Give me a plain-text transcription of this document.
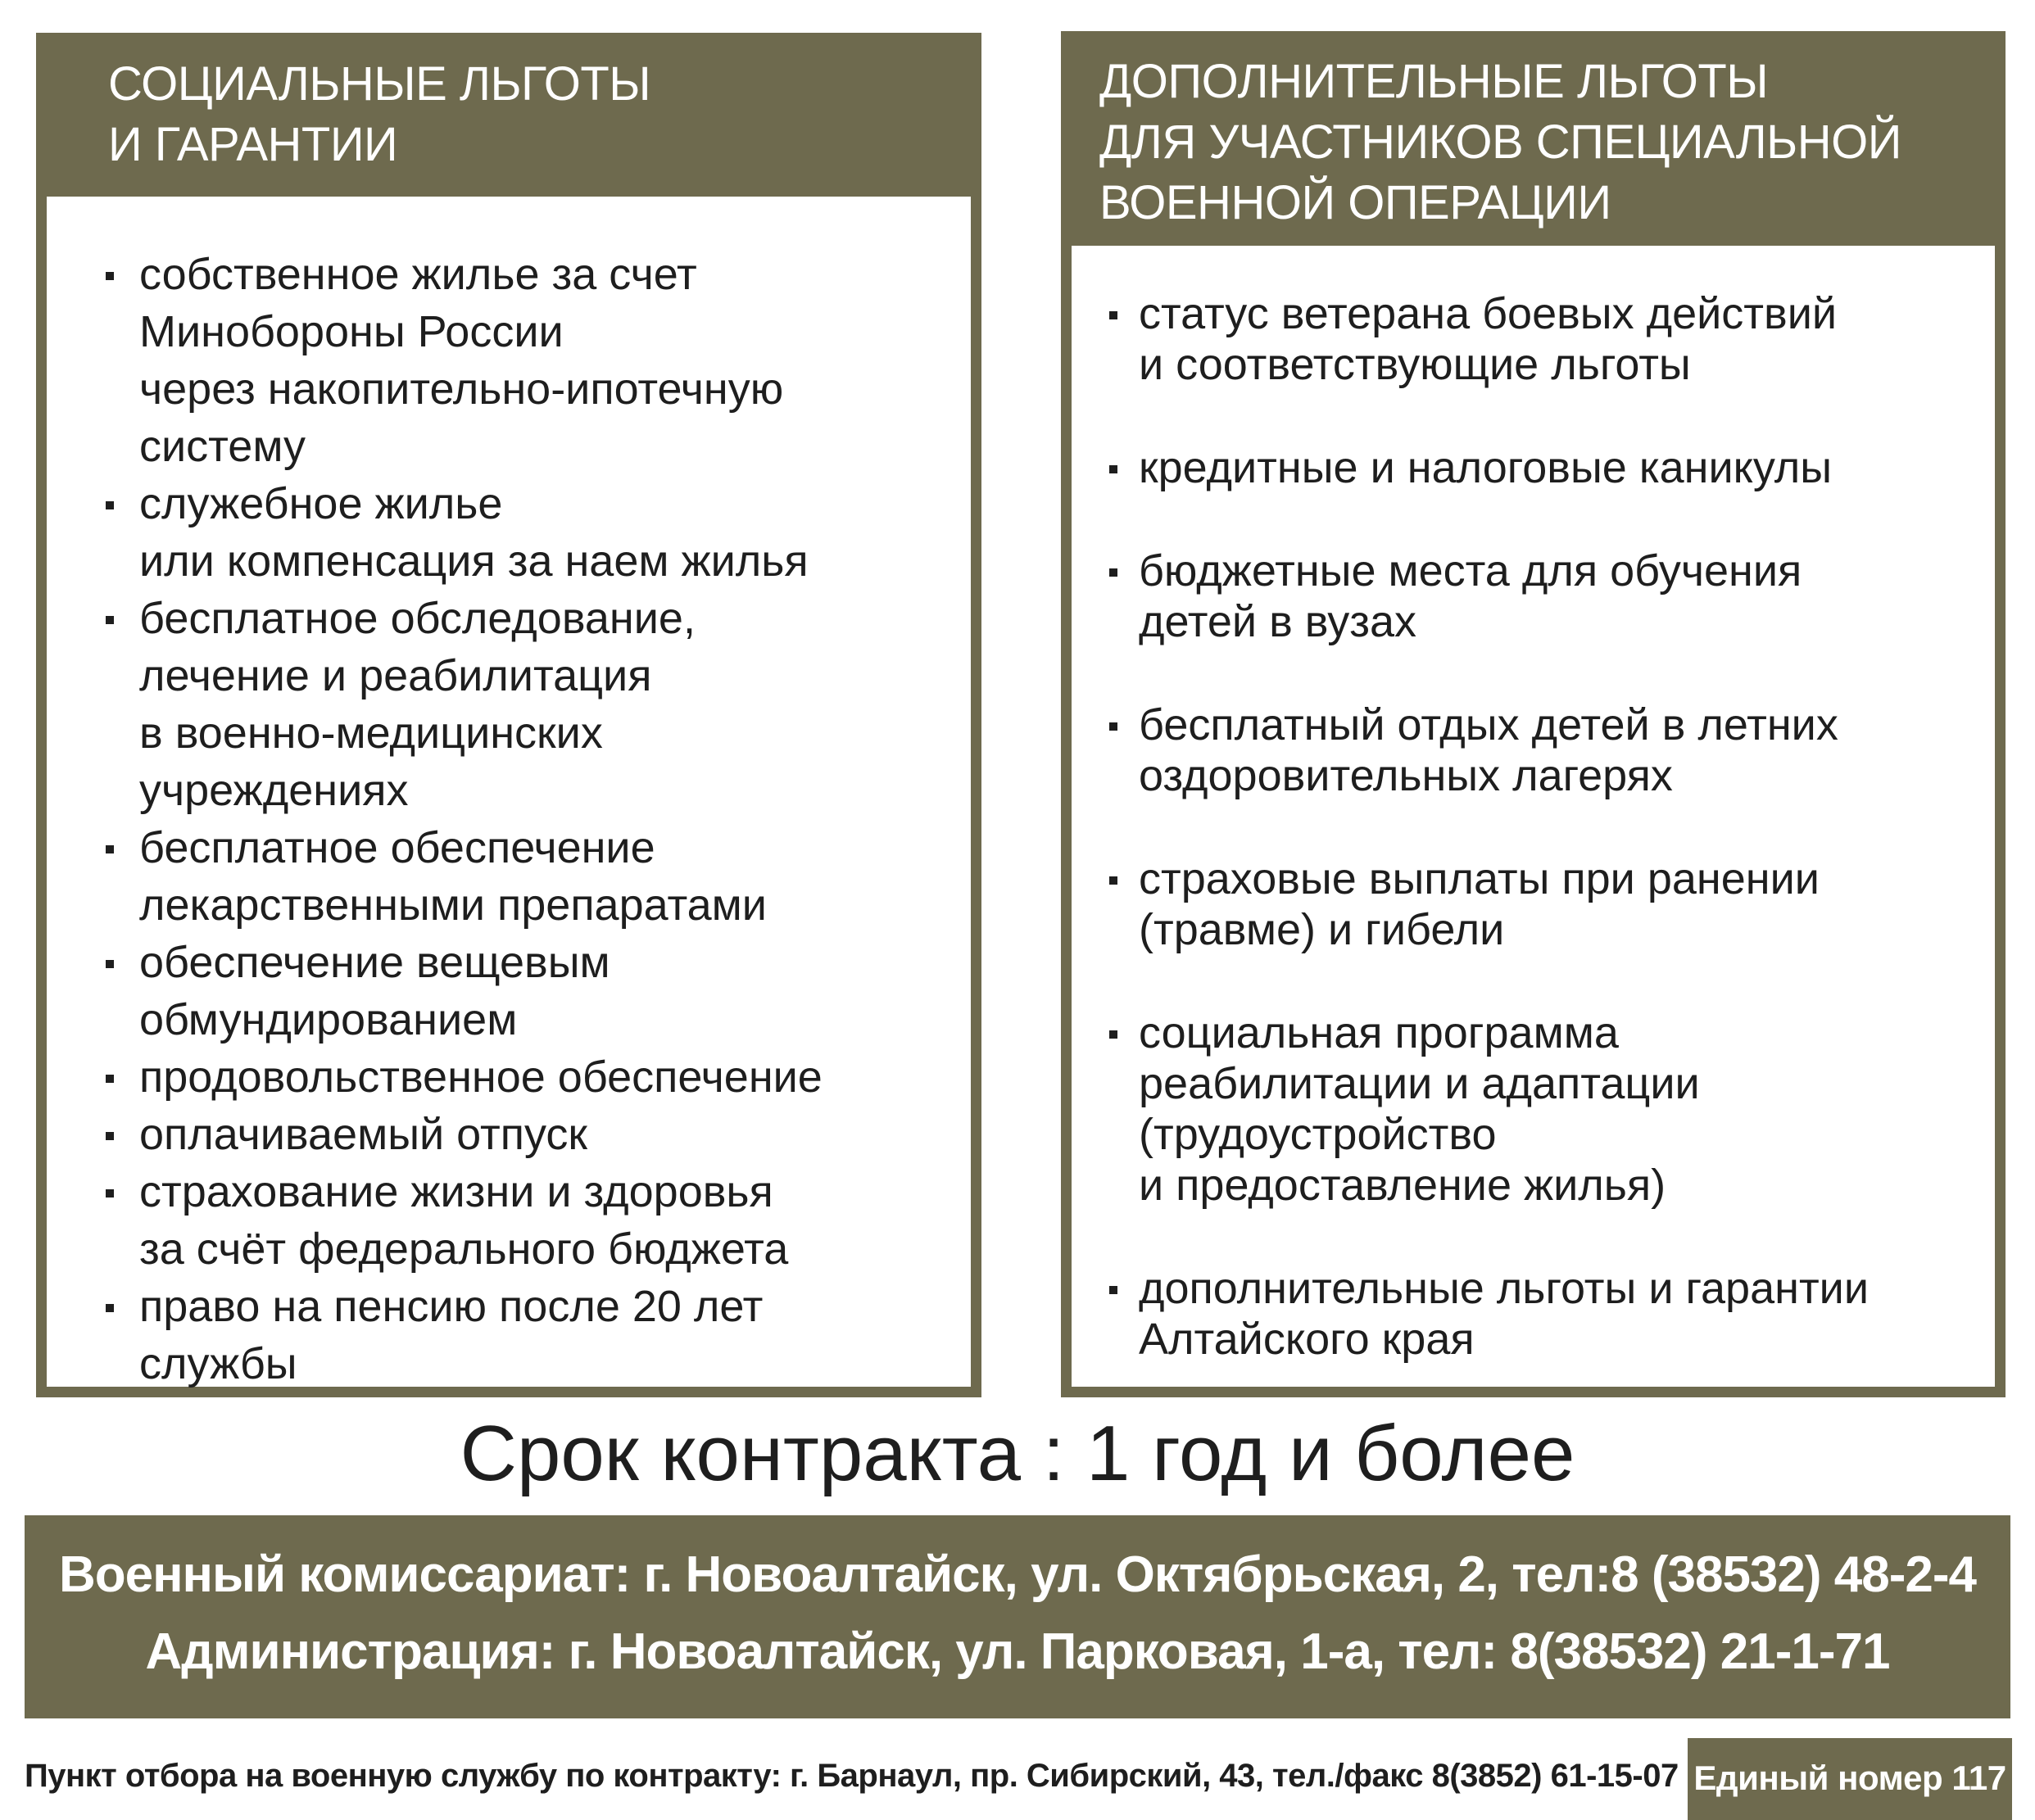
СОЦИАЛЬНЫЕ ЛЬГОТЫ
И ГАРАНТИИ
собственное жилье за счет
Минобороны России
через накопительно-ипотечную
систему
служебное жилье
или компенсация за наем жилья
бесплатное обследование,
лечение и реабилитация
в военно-медицинских
учреждениях
бесплатное обеспечение
лекарственными препаратами
обеспечение вещевым
обмундированием
продовольственное обеспечение
оплачиваемый отпуск
страхование жизни и здоровья
за счёт федерального бюджета
право на пенсию после 20 лет
службы
ДОПОЛНИТЕЛЬНЫЕ ЛЬГОТЫ
ДЛЯ УЧАСТНИКОВ СПЕЦИАЛЬНОЙ
ВОЕННОЙ ОПЕРАЦИИ
статус ветерана боевых действий
и соответствующие льготы
кредитные и налоговые каникулы
бюджетные места для обучения
детей в вузах
бесплатный отдых детей в летних
оздоровительных лагерях
страховые выплаты при ранении
(травме) и гибели
социальная программа
реабилитации и адаптации
(трудоустройство
и предоставление жилья)
дополнительные льготы и гарантии
Алтайского края
Срок контракта : 1 год и более
Военный комиссариат: г. Новоалтайск, ул. Октябрьская, 2, тел:8 (38532) 48-2-4
Администрация: г. Новоалтайск, ул. Парковая, 1-а, тел: 8(38532) 21-1-71
Пункт отбора на военную службу по контракту: г. Барнаул, пр. Сибирский, 43, тел./факс 8(3852) 61-15-07 Единый номер 117
